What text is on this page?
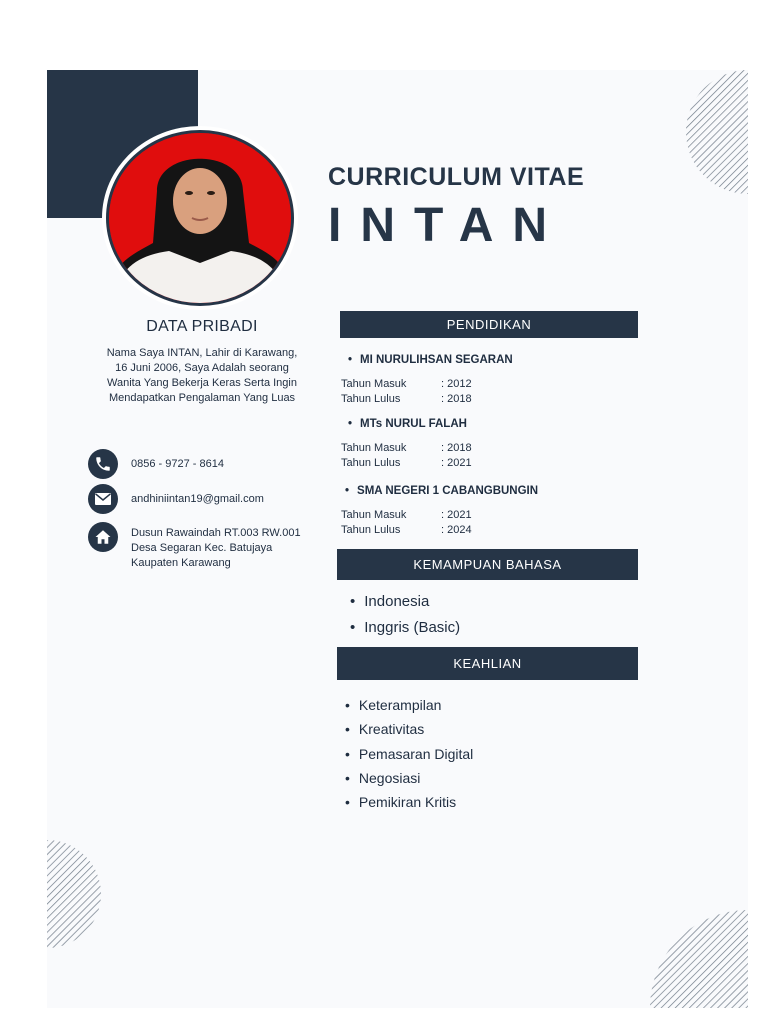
CURRICULUM VITAE
INTAN
DATA PRIBADI
Nama Saya INTAN, Lahir di Karawang, 16 Juni 2006, Saya Adalah seorang Wanita Yang Bekerja Keras Serta Ingin Mendapatkan Pengalaman Yang Luas
0856 - 9727 - 8614
andhiniintan19@gmail.com
Dusun Rawaindah RT.003 RW.001
Desa Segaran Kec. Batujaya
Kaupaten Karawang
PENDIDIKAN
• MI NURULIHSAN SEGARAN
Tahun Masuk	: 2012
Tahun Lulus	: 2018
• MTs NURUL FALAH
Tahun Masuk	: 2018
Tahun Lulus	: 2021
• SMA NEGERI 1 CABANGBUNGIN
Tahun Masuk	: 2021
Tahun Lulus	: 2024
KEMAMPUAN BAHASA
• Indonesia
• Inggris (Basic)
KEAHLIAN
• Keterampilan
• Kreativitas
• Pemasaran Digital
• Negosiasi
• Pemikiran Kritis
